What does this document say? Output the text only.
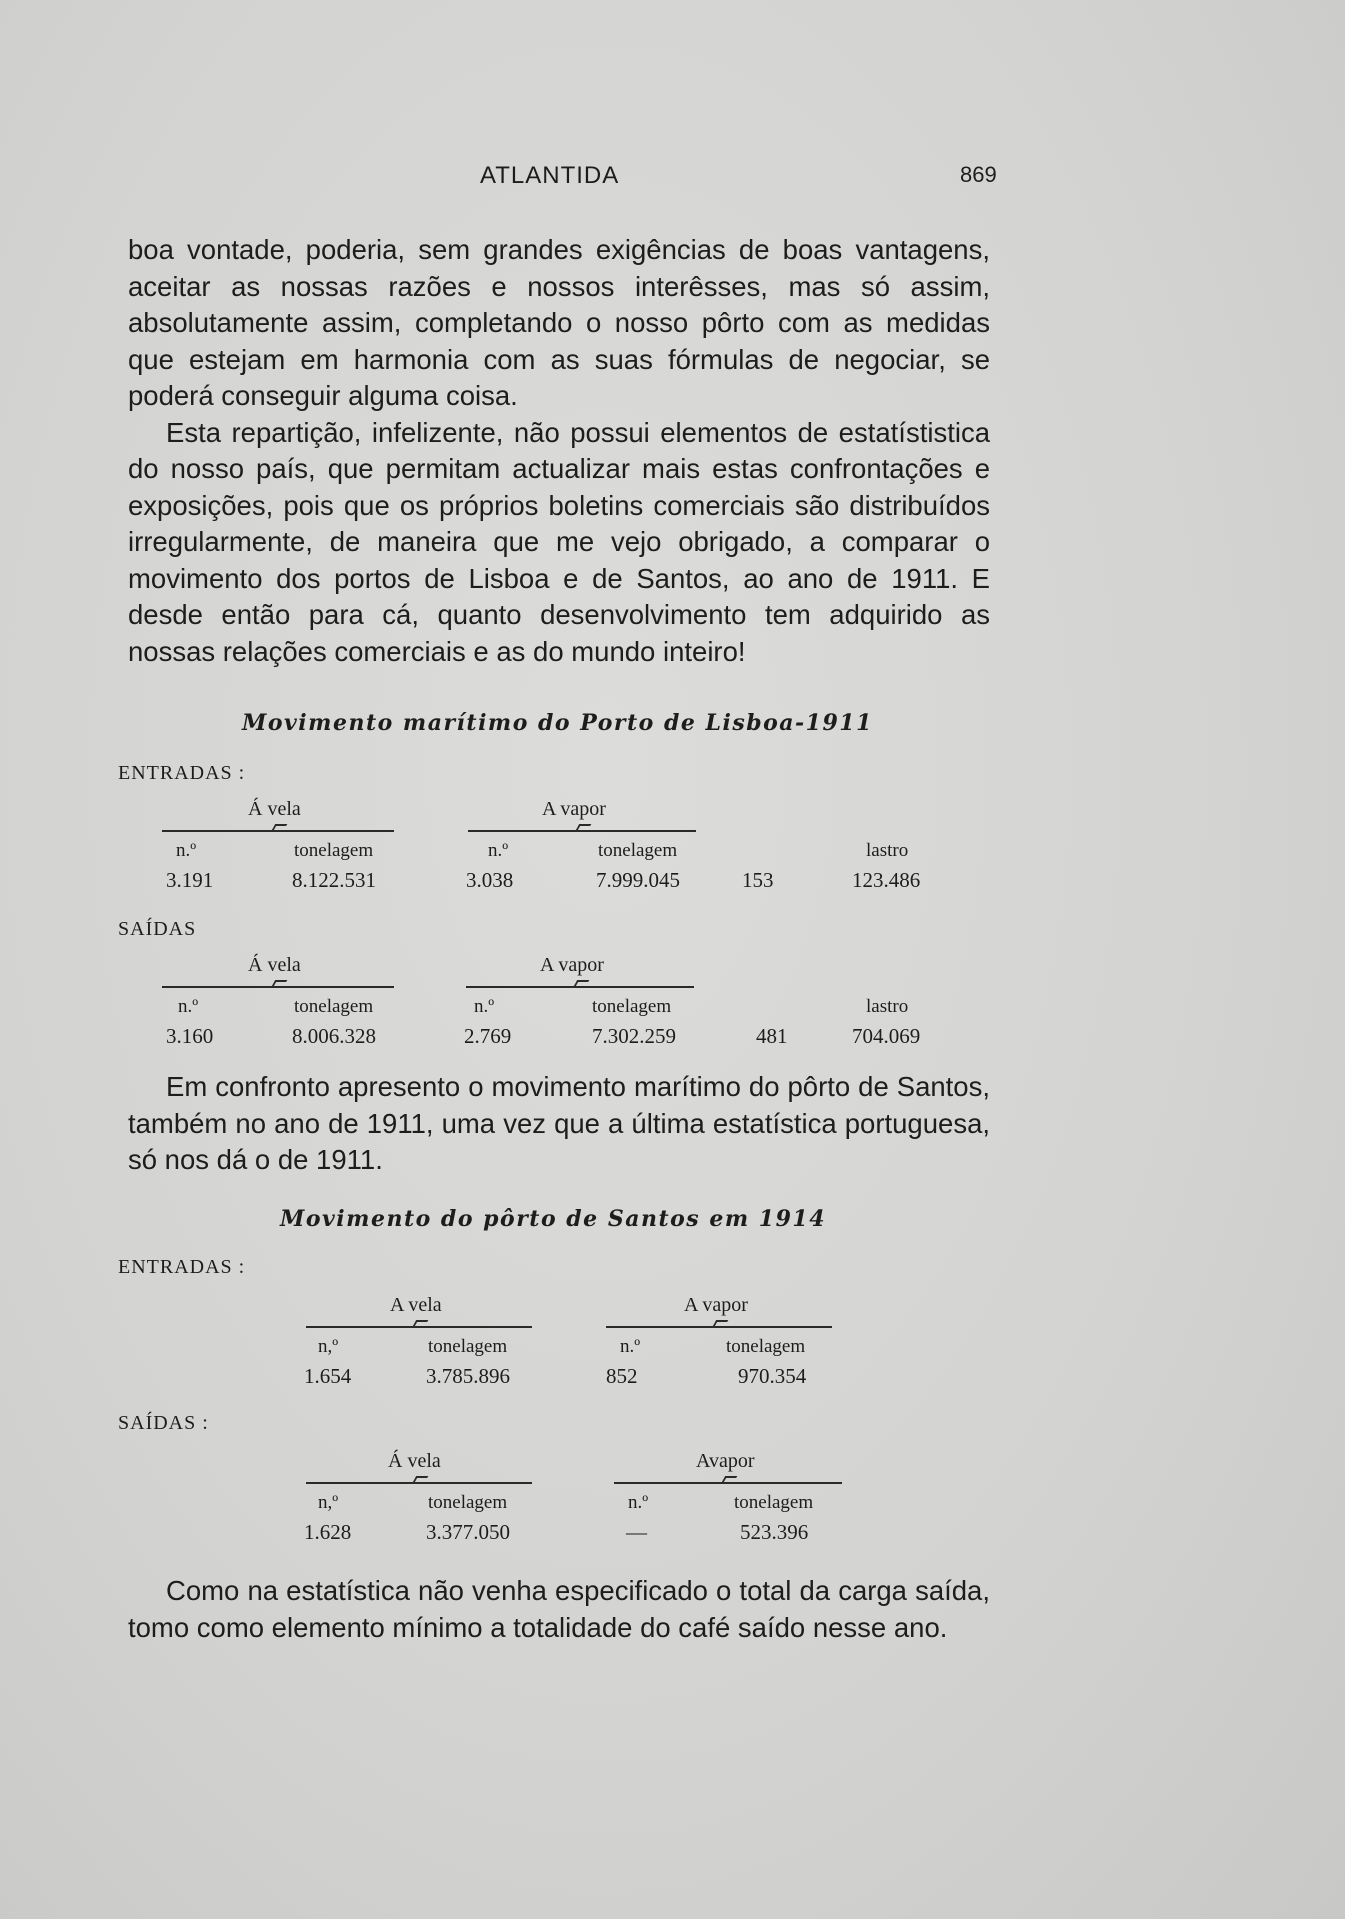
ATLANTIDA	869

boa vontade, poderia, sem grandes exigências de boas vantagens, aceitar as nossas razões e nossos interêsses, mas só assim, absolutamente assim, completando o nosso pôrto com as medidas que estejam em harmonia com as suas fórmulas de negociar, se poderá conseguir alguma coisa.

Esta repartição, infelizente, não possui elementos de estatístistica do nosso país, que permitam actualizar mais estas confrontações e exposições, pois que os próprios boletins comerciais são distribuídos irregularmente, de maneira que me vejo obrigado, a comparar o movimento dos portos de Lisboa e de Santos, ao ano de 1911. E desde então para cá, quanto desenvolvimento tem adquirido as nossas relações comerciais e as do mundo inteiro!

Movimento marítimo do Porto de Lisboa-1911
ENTRADAS :
Á vela	A vapor
n.º	tonelagem	n.º	tonelagem	lastro
3.191	8.122.531	3.038	7.999.045	153	123.486
SAÍDAS
Á vela	A vapor
n.º	tonelagem	n.º	tonelagem	lastro
3.160	8.006.328	2.769	7.302.259	481	704.069

Em confronto apresento o movimento marítimo do pôrto de Santos, também no ano de 1911, uma vez que a última estatística portuguesa, só nos dá o de 1911.

Movimento do pôrto de Santos em 1914
ENTRADAS :
A vela	A vapor
n,º	tonelagem	n.º	tonelagem
1.654	3.785.896	852	970.354
SAÍDAS :
Á vela	Avapor
n,º	tonelagem	n.º	tonelagem
1.628	3.377.050	—	523.396

Como na estatística não venha especificado o total da carga saída, tomo como elemento mínimo a totalidade do café saído nesse ano.
